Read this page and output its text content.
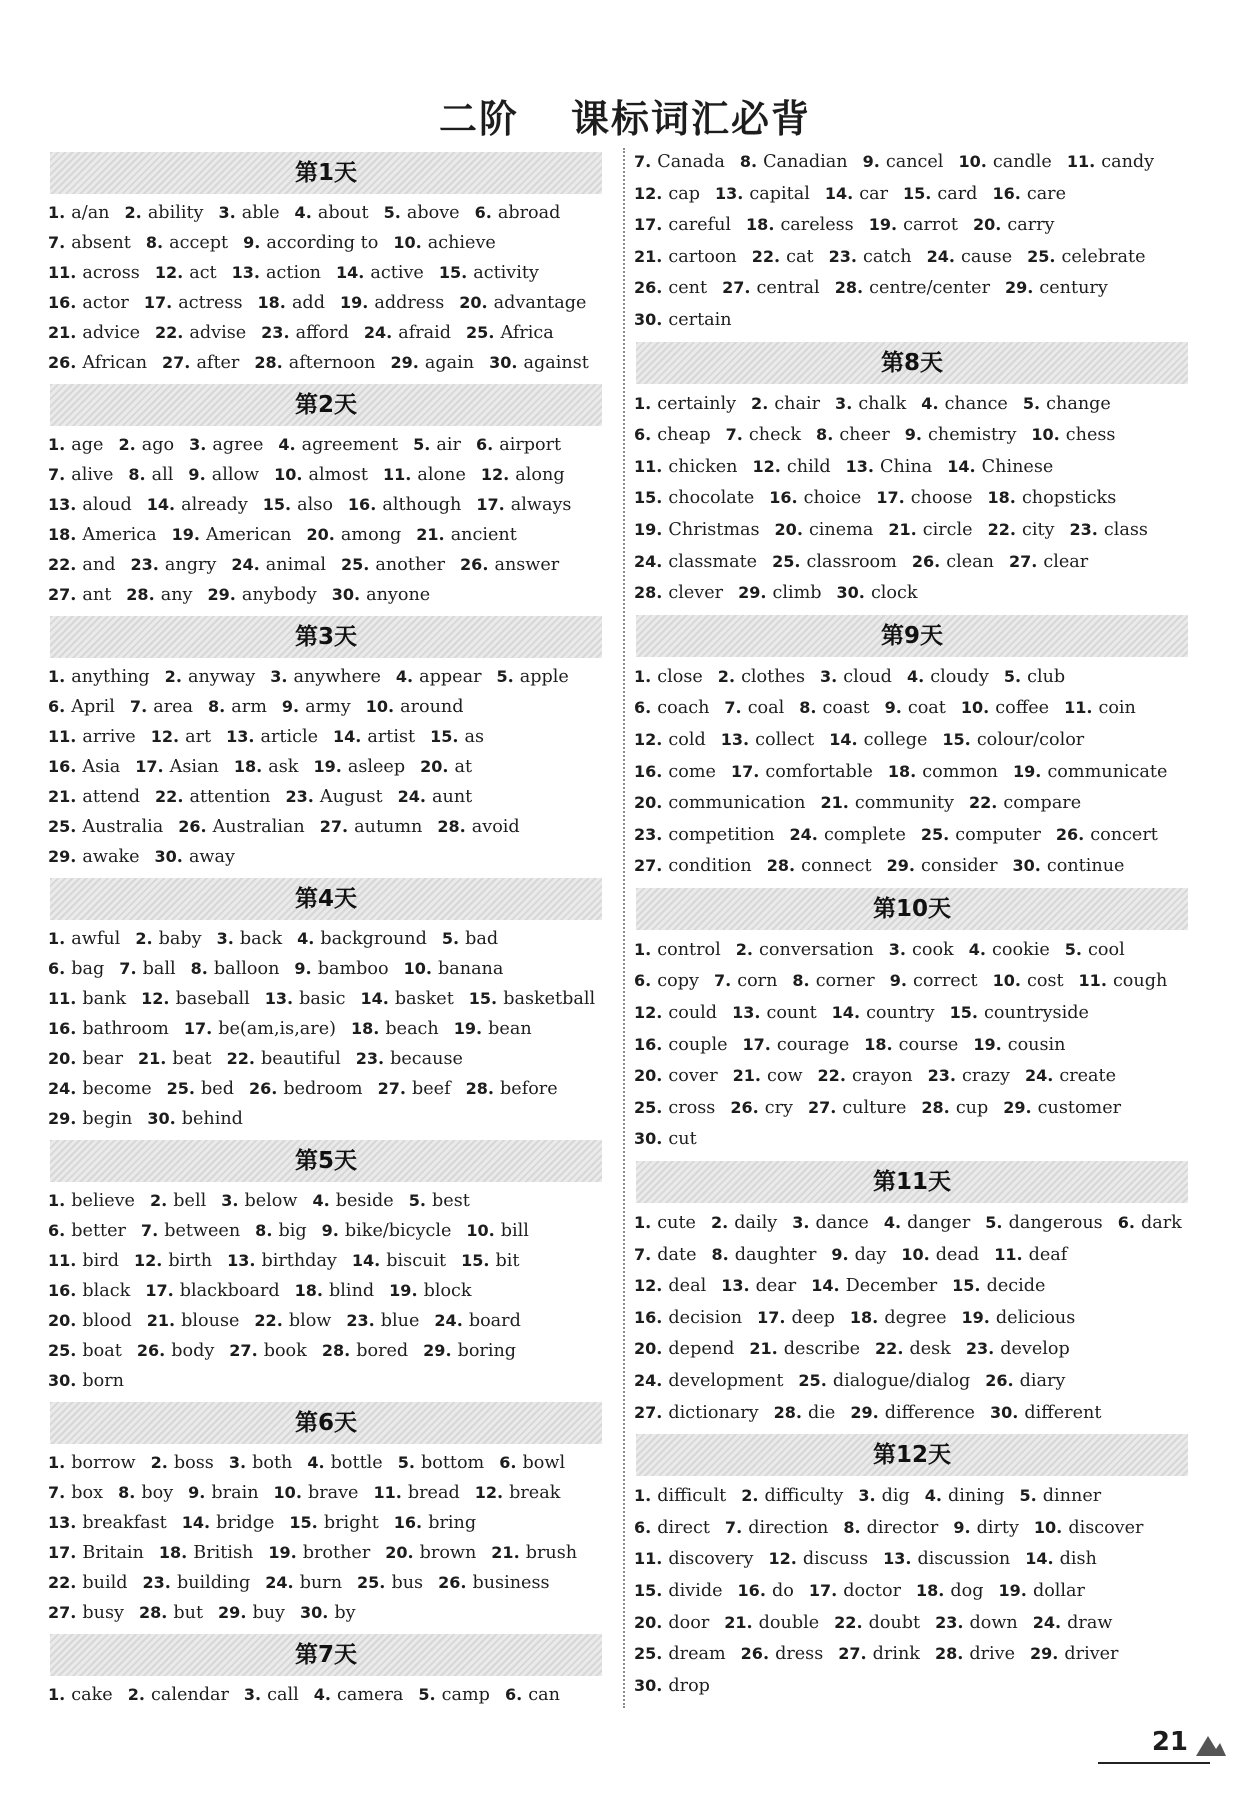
二阶 课标词汇必背
第1天
1. a/an 2. ability 3. able 4. about 5. above 6. abroad
7. absent 8. accept 9. according to 10. achieve
11. across 12. act 13. action 14. active 15. activity
16. actor 17. actress 18. add 19. address 20. advantage
21. advice 22. advise 23. afford 24. afraid 25. Africa
26. African 27. after 28. afternoon 29. again 30. against
第2天
1. age 2. ago 3. agree 4. agreement 5. air 6. airport
7. alive 8. all 9. allow 10. almost 11. alone 12. along
13. aloud 14. already 15. also 16. although 17. always
18. America 19. American 20. among 21. ancient
22. and 23. angry 24. animal 25. another 26. answer
27. ant 28. any 29. anybody 30. anyone
第3天
1. anything 2. anyway 3. anywhere 4. appear 5. apple
6. April 7. area 8. arm 9. army 10. around
11. arrive 12. art 13. article 14. artist 15. as
16. Asia 17. Asian 18. ask 19. asleep 20. at
21. attend 22. attention 23. August 24. aunt
25. Australia 26. Australian 27. autumn 28. avoid
29. awake 30. away
第4天
1. awful 2. baby 3. back 4. background 5. bad
6. bag 7. ball 8. balloon 9. bamboo 10. banana
11. bank 12. baseball 13. basic 14. basket 15. basketball
16. bathroom 17. be(am,is,are) 18. beach 19. bean
20. bear 21. beat 22. beautiful 23. because
24. become 25. bed 26. bedroom 27. beef 28. before
29. begin 30. behind
第5天
1. believe 2. bell 3. below 4. beside 5. best
6. better 7. between 8. big 9. bike/bicycle 10. bill
11. bird 12. birth 13. birthday 14. biscuit 15. bit
16. black 17. blackboard 18. blind 19. block
20. blood 21. blouse 22. blow 23. blue 24. board
25. boat 26. body 27. book 28. bored 29. boring
30. born
第6天
1. borrow 2. boss 3. both 4. bottle 5. bottom 6. bowl
7. box 8. boy 9. brain 10. brave 11. bread 12. break
13. breakfast 14. bridge 15. bright 16. bring
17. Britain 18. British 19. brother 20. brown 21. brush
22. build 23. building 24. burn 25. bus 26. business
27. busy 28. but 29. buy 30. by
第7天
1. cake 2. calendar 3. call 4. camera 5. camp 6. can
7. Canada 8. Canadian 9. cancel 10. candle 11. candy
12. cap 13. capital 14. car 15. card 16. care
17. careful 18. careless 19. carrot 20. carry
21. cartoon 22. cat 23. catch 24. cause 25. celebrate
26. cent 27. central 28. centre/center 29. century
30. certain
第8天
1. certainly 2. chair 3. chalk 4. chance 5. change
6. cheap 7. check 8. cheer 9. chemistry 10. chess
11. chicken 12. child 13. China 14. Chinese
15. chocolate 16. choice 17. choose 18. chopsticks
19. Christmas 20. cinema 21. circle 22. city 23. class
24. classmate 25. classroom 26. clean 27. clear
28. clever 29. climb 30. clock
第9天
1. close 2. clothes 3. cloud 4. cloudy 5. club
6. coach 7. coal 8. coast 9. coat 10. coffee 11. coin
12. cold 13. collect 14. college 15. colour/color
16. come 17. comfortable 18. common 19. communicate
20. communication 21. community 22. compare
23. competition 24. complete 25. computer 26. concert
27. condition 28. connect 29. consider 30. continue
第10天
1. control 2. conversation 3. cook 4. cookie 5. cool
6. copy 7. corn 8. corner 9. correct 10. cost 11. cough
12. could 13. count 14. country 15. countryside
16. couple 17. courage 18. course 19. cousin
20. cover 21. cow 22. crayon 23. crazy 24. create
25. cross 26. cry 27. culture 28. cup 29. customer
30. cut
第11天
1. cute 2. daily 3. dance 4. danger 5. dangerous 6. dark
7. date 8. daughter 9. day 10. dead 11. deaf
12. deal 13. dear 14. December 15. decide
16. decision 17. deep 18. degree 19. delicious
20. depend 21. describe 22. desk 23. develop
24. development 25. dialogue/dialog 26. diary
27. dictionary 28. die 29. difference 30. different
第12天
1. difficult 2. difficulty 3. dig 4. dining 5. dinner
6. direct 7. direction 8. director 9. dirty 10. discover
11. discovery 12. discuss 13. discussion 14. dish
15. divide 16. do 17. doctor 18. dog 19. dollar
20. door 21. double 22. doubt 23. down 24. draw
25. dream 26. dress 27. drink 28. drive 29. driver
30. drop
21
